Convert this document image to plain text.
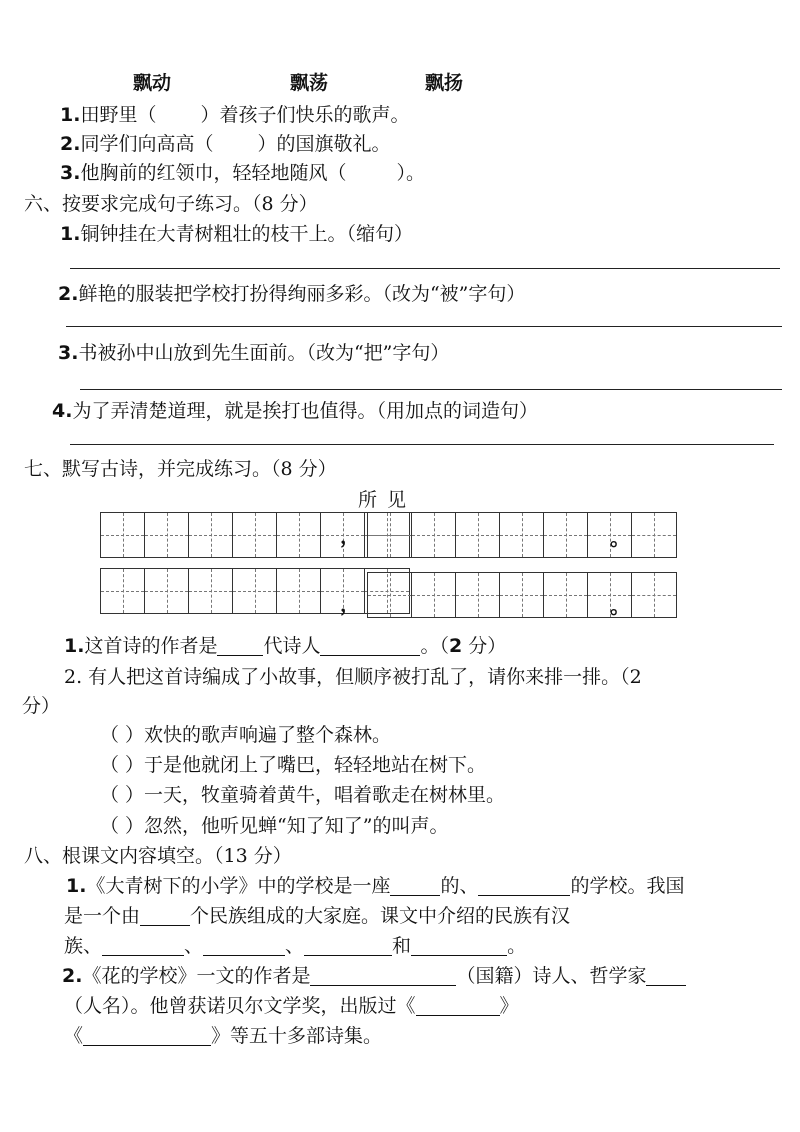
飘动	飘荡	飘扬
1.田野里（ ）着孩子们快乐的歌声。
2.同学们向高高（ ）的国旗敬礼。
3.他胸前的红领巾，轻轻地随风（	）。
六、按要求完成句子练习。（8 分）
1.铜钟挂在大青树粗壮的枝干上。（缩句）
2.鲜艳的服装把学校打扮得绚丽多彩。（改为“被”字句）
3.书被孙中山放到先生面前。（改为“把”字句）
4.为了弄清楚道理，就是挨打也值得。（用加点的词造句）
七、默写古诗，并完成练习。（8 分）
所 见
，	。
，	。
1.这首诗的作者是 代诗人	。（2 分）
2. 有人把这首诗编成了小故事，但顺序被打乱了，请你来排一排。（2
分）
（ ）欢快的歌声响遍了整个森林。
（ ）于是他就闭上了嘴巴，轻轻地站在树下。
（ ）一天，牧童骑着黄牛，唱着歌走在树林里。
（ ）忽然，他听见蝉“知了知了”的叫声。
八、根课文内容填空。（13 分）
1.《大青树下的小学》中的学校是一座	的、	的学校。我国
是一个由	个民族组成的大家庭。课文中介绍的民族有汉
族、	、	、	和	。
2.《花的学校》一文的作者是	（国籍）诗人、哲学家
（人名）。他曾获诺贝尔文学奖，出版过《	》
《	》等五十多部诗集。
